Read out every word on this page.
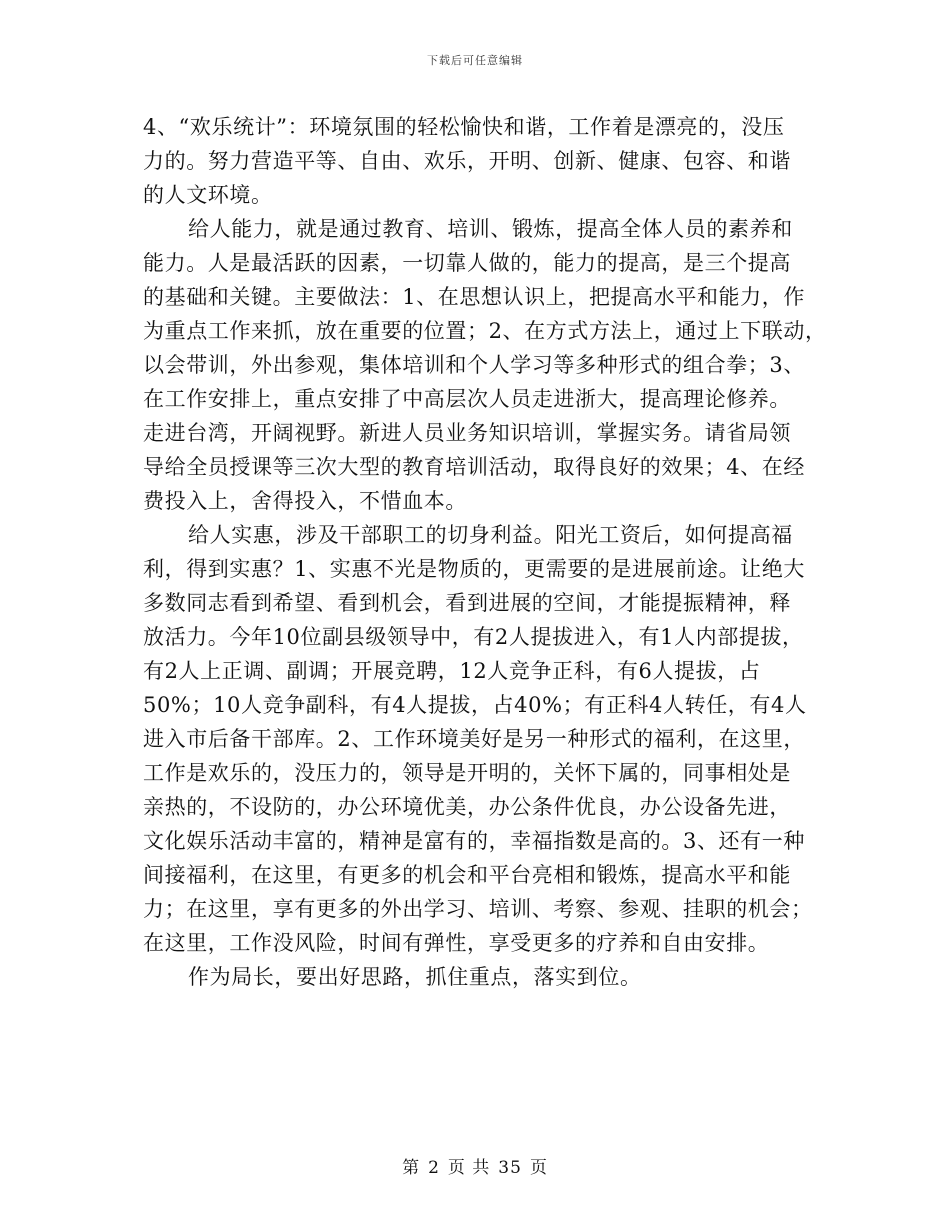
下载后可任意编辑
4、“欢乐统计”：环境氛围的轻松愉快和谐，工作着是漂亮的，没压
力的。努力营造平等、自由、欢乐，开明、创新、健康、包容、和谐
的人文环境。
给人能力，就是通过教育、培训、锻炼，提高全体人员的素养和
能力。人是最活跃的因素，一切靠人做的，能力的提高，是三个提高
的基础和关键。主要做法：1、在思想认识上，把提高水平和能力，作
为重点工作来抓，放在重要的位置；2、在方式方法上，通过上下联动，
以会带训，外出参观，集体培训和个人学习等多种形式的组合拳；3、
在工作安排上，重点安排了中高层次人员走进浙大，提高理论修养。
走进台湾，开阔视野。新进人员业务知识培训，掌握实务。请省局领
导给全员授课等三次大型的教育培训活动，取得良好的效果；4、在经
费投入上，舍得投入，不惜血本。
给人实惠，涉及干部职工的切身利益。阳光工资后，如何提高福
利，得到实惠？1、实惠不光是物质的，更需要的是进展前途。让绝大
多数同志看到希望、看到机会，看到进展的空间，才能提振精神，释
放活力。今年10位副县级领导中，有2人提拔进入，有1人内部提拔，
有2人上正调、副调；开展竞聘，12人竞争正科，有6人提拔，占
50%；10人竞争副科，有4人提拔，占40%；有正科4人转任，有4人
进入市后备干部库。2、工作环境美好是另一种形式的福利，在这里，
工作是欢乐的，没压力的，领导是开明的，关怀下属的，同事相处是
亲热的，不设防的，办公环境优美，办公条件优良，办公设备先进，
文化娱乐活动丰富的，精神是富有的，幸福指数是高的。3、还有一种
间接福利，在这里，有更多的机会和平台亮相和锻炼，提高水平和能
力；在这里，享有更多的外出学习、培训、考察、参观、挂职的机会；
在这里，工作没风险，时间有弹性，享受更多的疗养和自由安排。
作为局长，要出好思路，抓住重点，落实到位。
第 2 页 共 35 页
